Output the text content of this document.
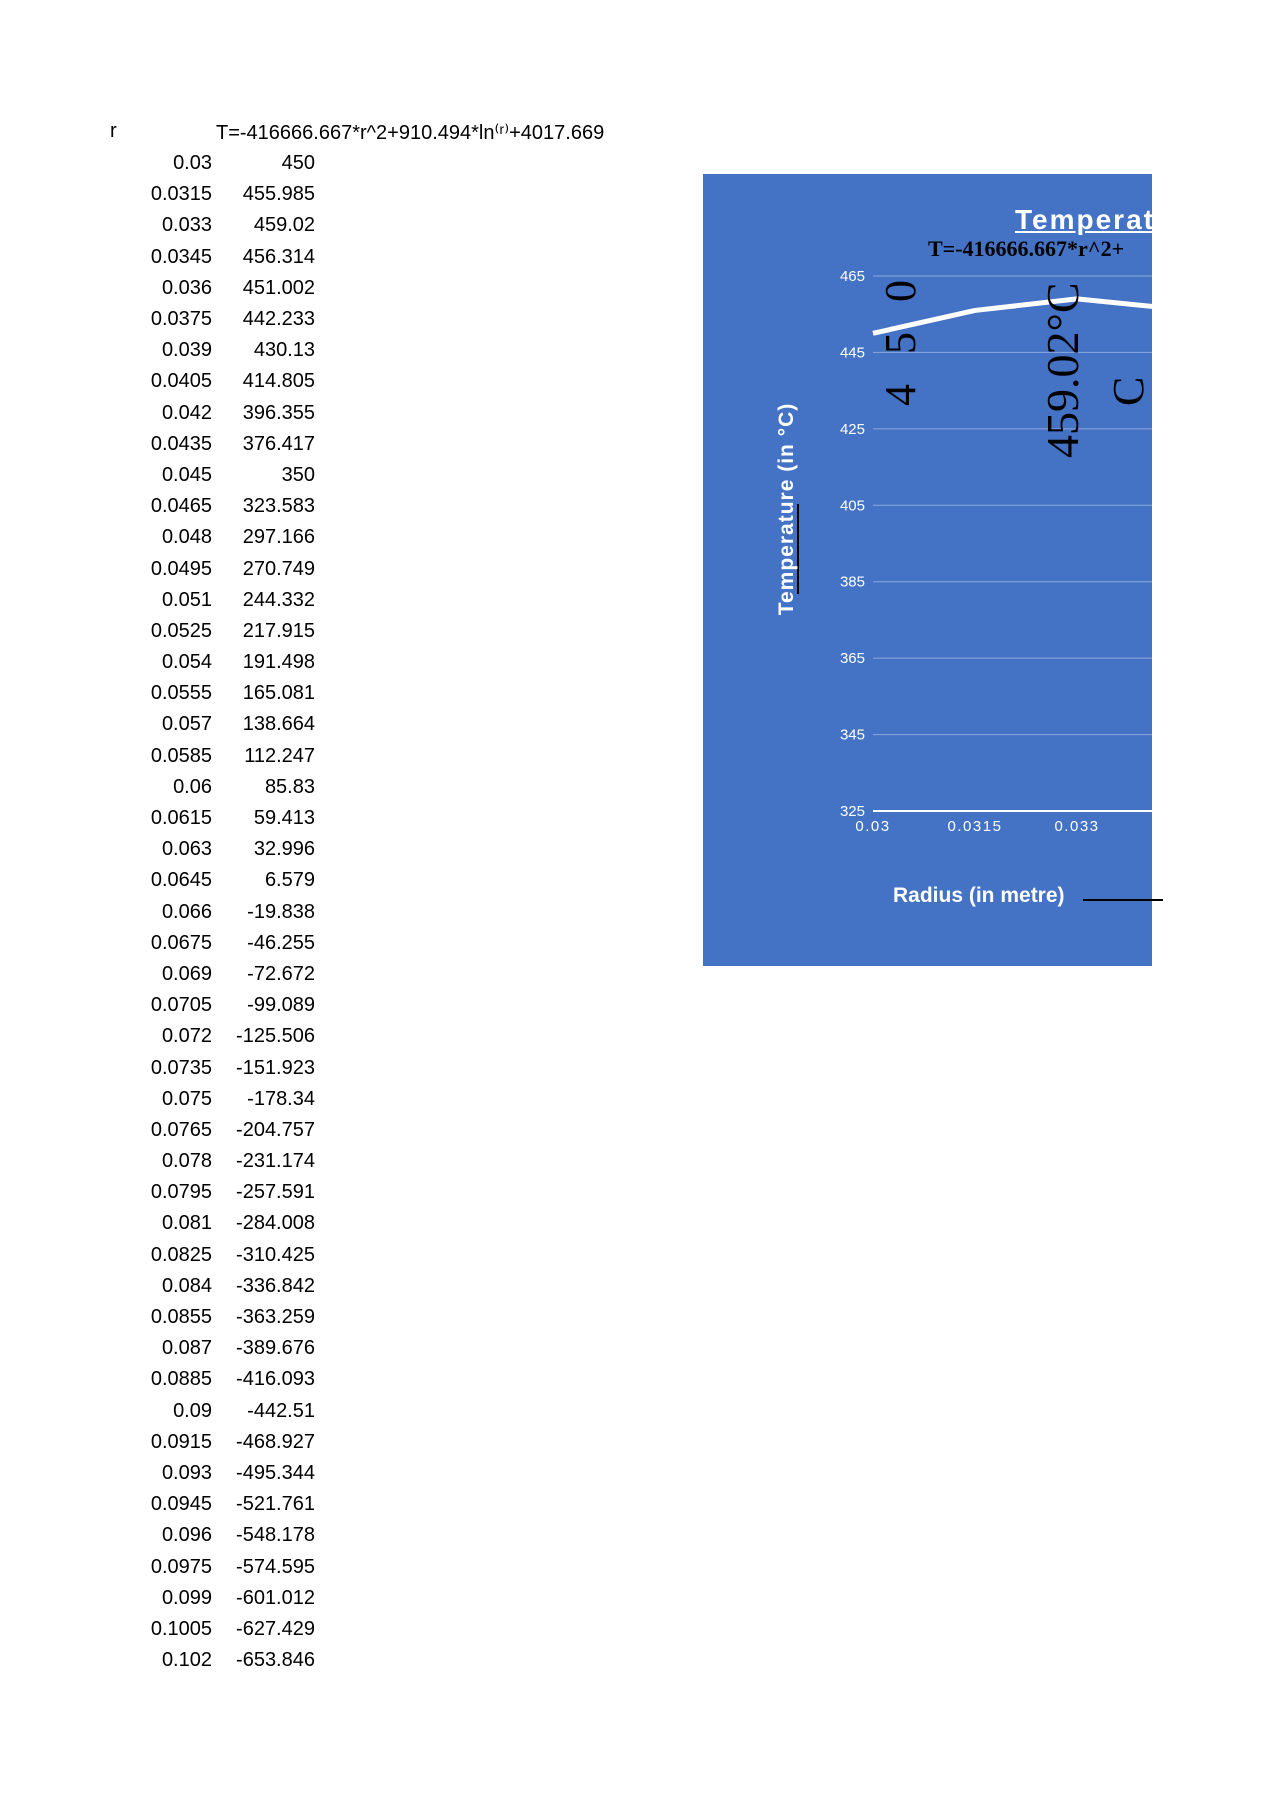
r	T=-416666.667*r^2+910.494*ln⁽ʳ⁾+4017.669
0.03	450
0.0315	455.985
0.033	459.02
0.0345	456.314
0.036	451.002
0.0375	442.233
0.039	430.13
0.0405	414.805
0.042	396.355
0.0435	376.417
0.045	350
0.0465	323.583
0.048	297.166
0.0495	270.749
0.051	244.332
0.0525	217.915
0.054	191.498
0.0555	165.081
0.057	138.664
0.0585	112.247
0.06	85.83
0.0615	59.413
0.063	32.996
0.0645	6.579
0.066	-19.838
0.0675	-46.255
0.069	-72.672
0.0705	-99.089
0.072	-125.506
0.0735	-151.923
0.075	-178.34
0.0765	-204.757
0.078	-231.174
0.0795	-257.591
0.081	-284.008
0.0825	-310.425
0.084	-336.842
0.0855	-363.259
0.087	-389.676
0.0885	-416.093
0.09	-442.51
0.0915	-468.927
0.093	-495.344
0.0945	-521.761
0.096	-548.178
0.0975	-574.595
0.099	-601.012
0.1005	-627.429
0.102	-653.846
465
445
425
405
385
365
345
325
0.03	0.0315	0.033	0
Temperat
T=-416666.667*r^2+
Temperature (in °C)
Radius (in metre)
450 459.02°C C
